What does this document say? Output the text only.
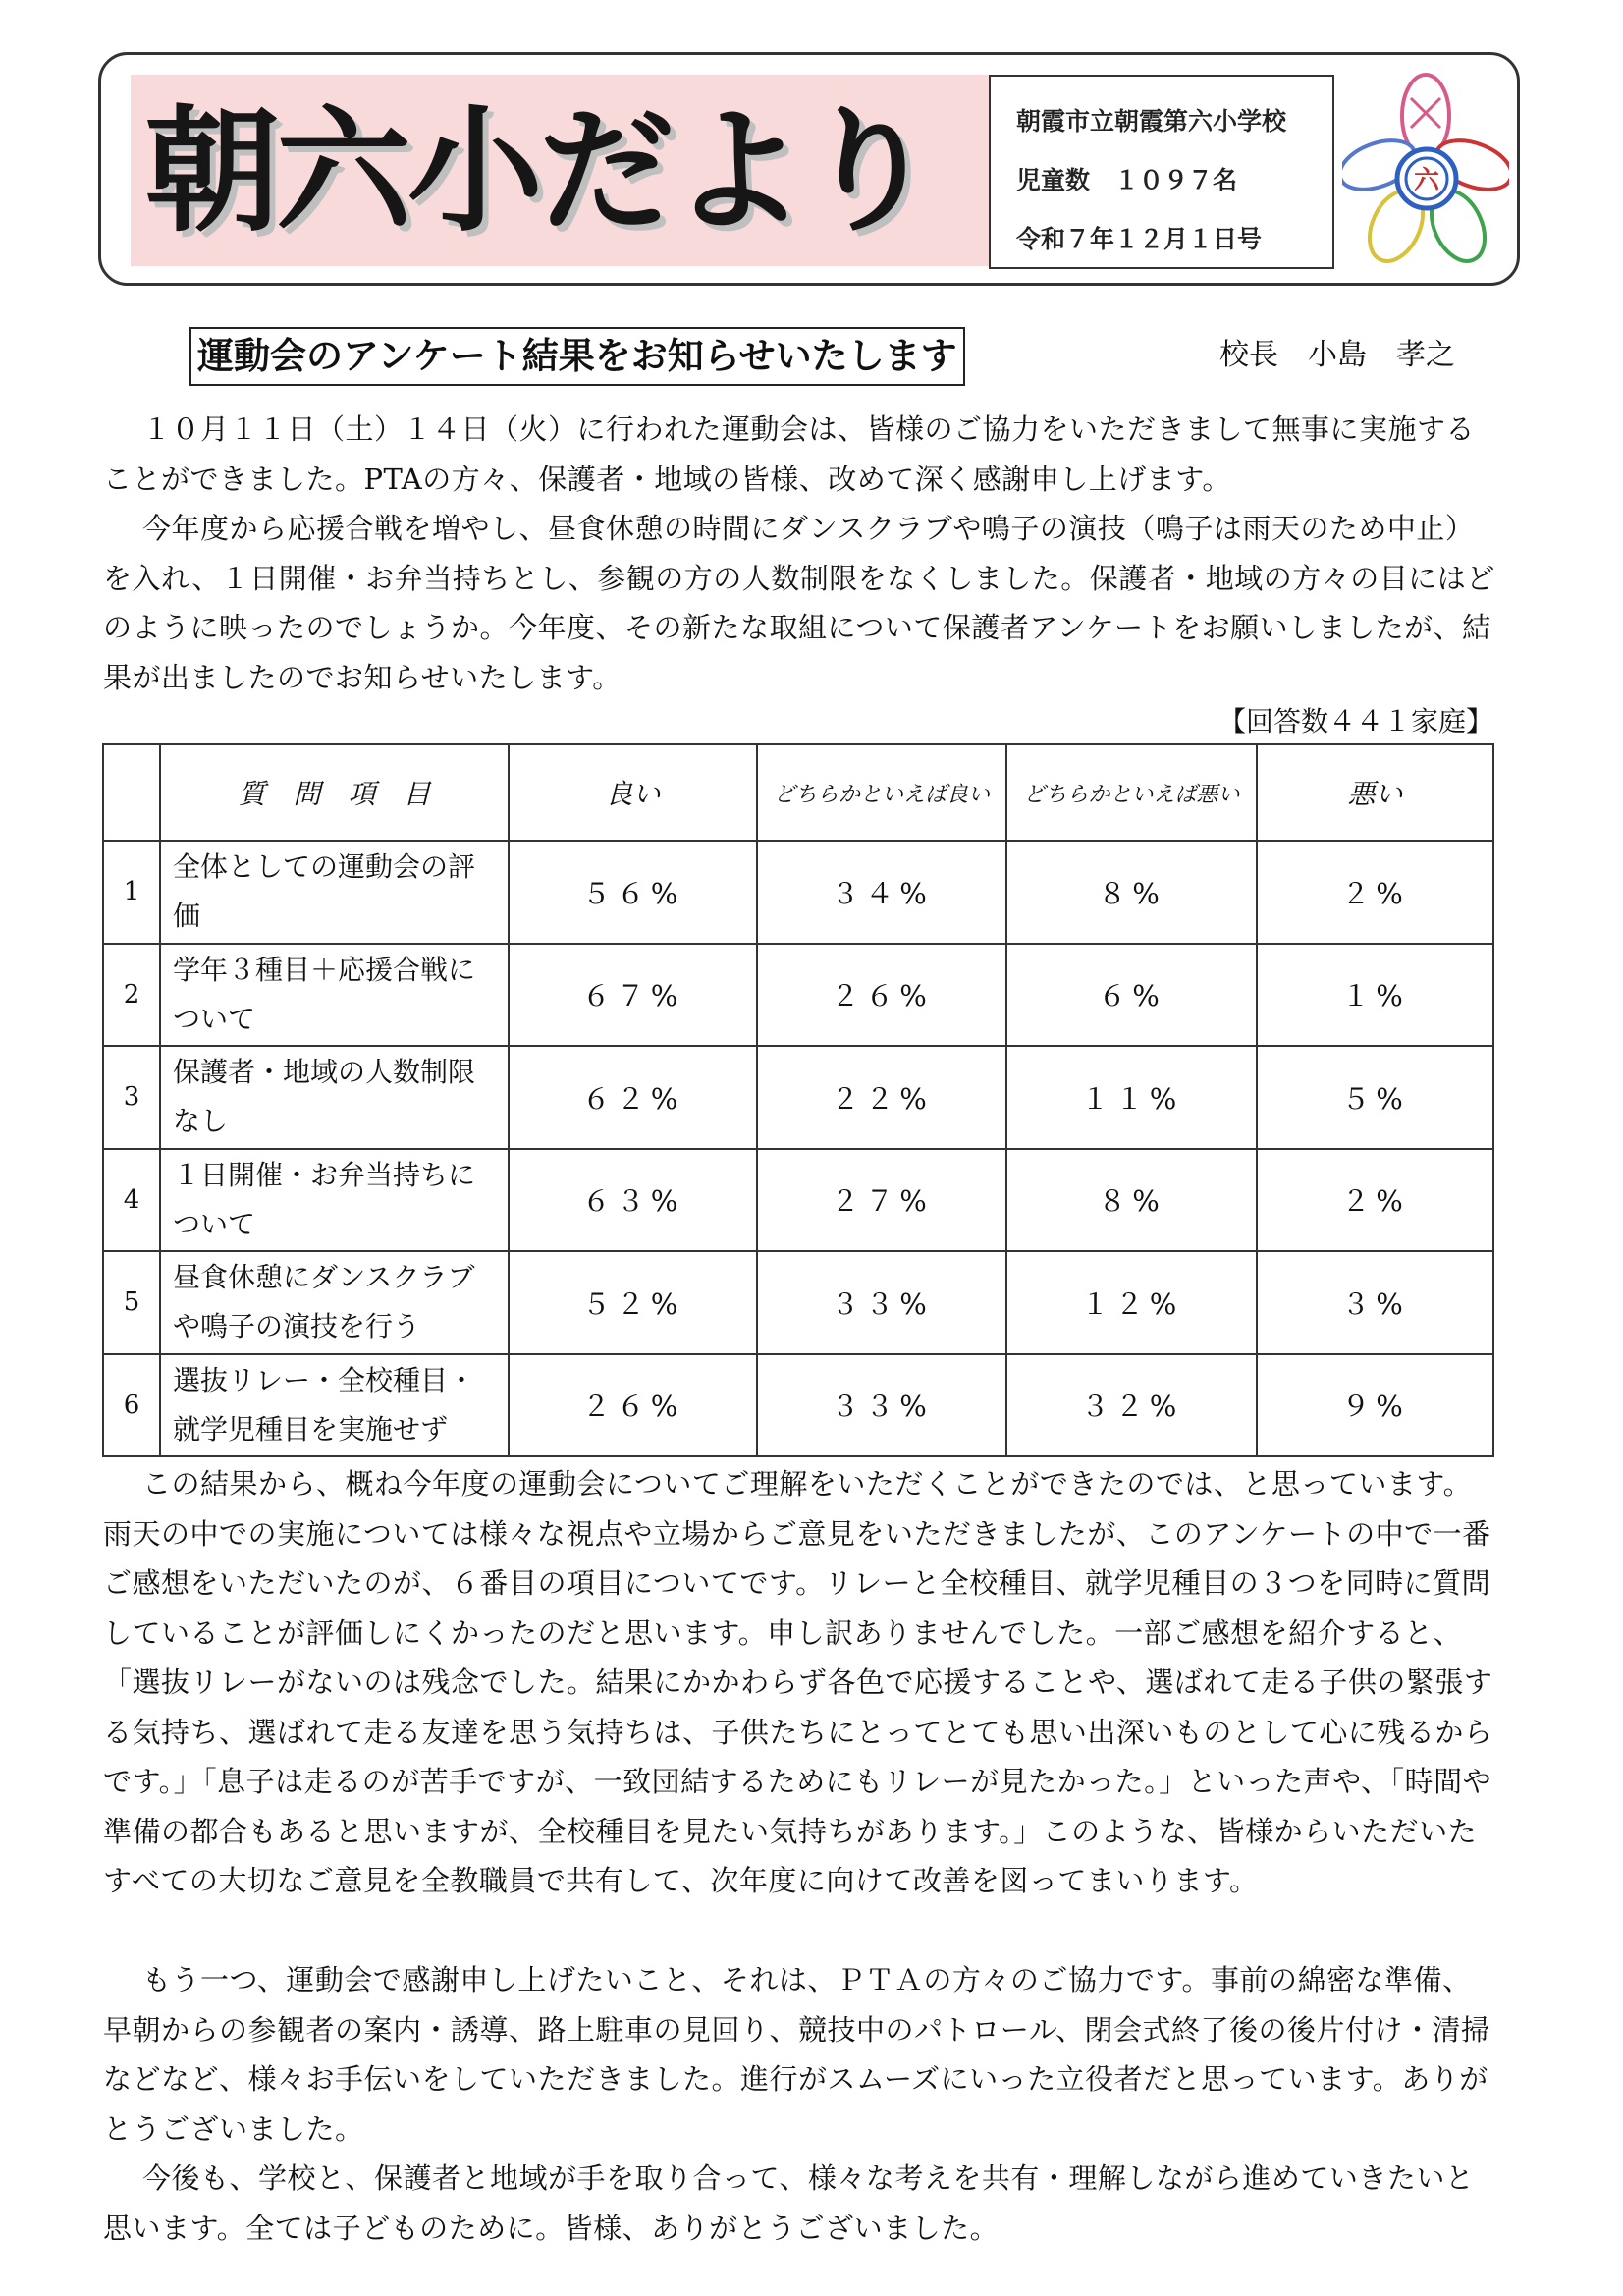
朝六小だより	朝霞市立朝霞第六小学校
児童数　１０９７名
令和７年１２月１日号
六
運動会のアンケート結果をお知らせいたします	校長　小島　孝之

１０月１１日（土）１４日（火）に行われた運動会は、皆様のご協力をいただきまして無事に実施することができました。PTAの方々、保護者・地域の皆様、改めて深く感謝申し上げます。

今年度から応援合戦を増やし、昼食休憩の時間にダンスクラブや鳴子の演技（鳴子は雨天のため中止）を入れ、１日開催・お弁当持ちとし、参観の方の人数制限をなくしました。保護者・地域の方々の目にはどのように映ったのでしょうか。今年度、その新たな取組について保護者アンケートをお願いしましたが、結果が出ましたのでお知らせいたします。

【回答数４４１家庭】
	質　問　項　目	良い	どちらかといえば良い	どちらかといえば悪い	悪い
1	全体としての運動会の評価	５６%	３４%	８%	２%
2	学年３種目＋応援合戦について	６７%	２６%	６%	１%
3	保護者・地域の人数制限なし	６２%	２２%	１１%	５%
4	１日開催・お弁当持ちについて	６３%	２７%	８%	２%
5	昼食休憩にダンスクラブや鳴子の演技を行う	５２%	３３%	１２%	３%
6	選抜リレー・全校種目・就学児種目を実施せず	２６%	３３%	３２%	９%

この結果から、概ね今年度の運動会についてご理解をいただくことができたのでは、と思っています。雨天の中での実施については様々な視点や立場からご意見をいただきましたが、このアンケートの中で一番ご感想をいただいたのが、６番目の項目についてです。リレーと全校種目、就学児種目の３つを同時に質問していることが評価しにくかったのだと思います。申し訳ありませんでした。一部ご感想を紹介すると、「選抜リレーがないのは残念でした。結果にかかわらず各色で応援することや、選ばれて走る子供の緊張する気持ち、選ばれて走る友達を思う気持ちは、子供たちにとってとても思い出深いものとして心に残るからです。」「息子は走るのが苦手ですが、一致団結するためにもリレーが見たかった。」といった声や、「時間や準備の都合もあると思いますが、全校種目を見たい気持ちがあります。」このような、皆様からいただいたすべての大切なご意見を全教職員で共有して、次年度に向けて改善を図ってまいります。

もう一つ、運動会で感謝申し上げたいこと、それは、ＰＴＡの方々のご協力です。事前の綿密な準備、早朝からの参観者の案内・誘導、路上駐車の見回り、競技中のパトロール、閉会式終了後の後片付け・清掃などなど、様々お手伝いをしていただきました。進行がスムーズにいった立役者だと思っています。ありがとうございました。

今後も、学校と、保護者と地域が手を取り合って、様々な考えを共有・理解しながら進めていきたいと思います。全ては子どものために。皆様、ありがとうございました。
